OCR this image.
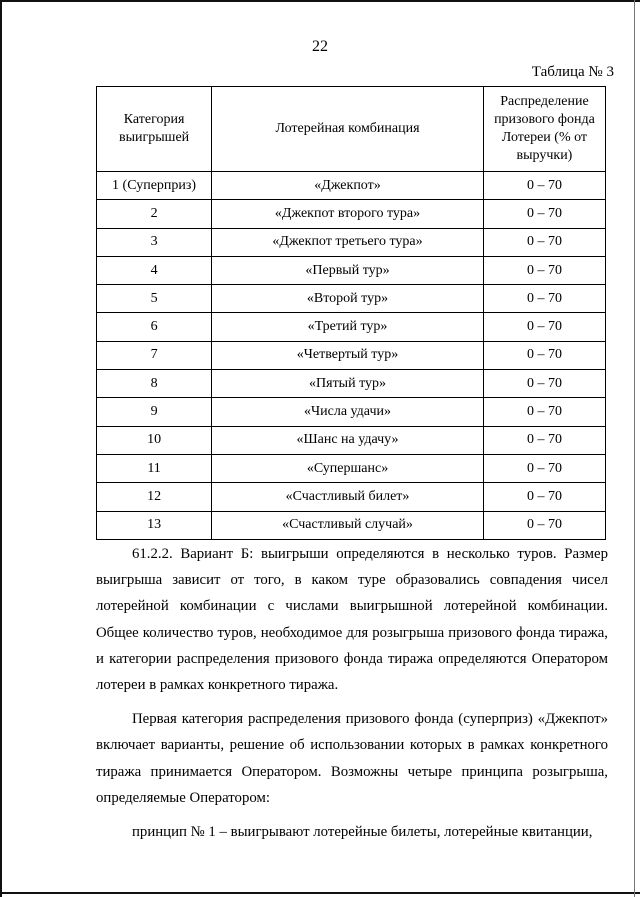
22
Таблица № 3
Категория выигрышей	Лотерейная комбинация	Распределение призового фонда Лотереи (% от выручки)
1 (Суперприз)	«Джекпот»	0 – 70
2	«Джекпот второго тура»	0 – 70
3	«Джекпот третьего тура»	0 – 70
4	«Первый тур»	0 – 70
5	«Второй тур»	0 – 70
6	«Третий тур»	0 – 70
7	«Четвертый тур»	0 – 70
8	«Пятый тур»	0 – 70
9	«Числа удачи»	0 – 70
10	«Шанс на удачу»	0 – 70
11	«Супершанс»	0 – 70
12	«Счастливый билет»	0 – 70
13	«Счастливый случай»	0 – 70

61.2.2. Вариант Б: выигрыши определяются в несколько туров. Размер выигрыша зависит от того, в каком туре образовались совпадения чисел лотерейной комбинации с числами выигрышной лотерейной комбинации. Общее количество туров, необходимое для розыгрыша призового фонда тиража, и категории распределения призового фонда тиража определяются Оператором лотереи в рамках конкретного тиража.

Первая категория распределения призового фонда (суперприз) «Джекпот» включает варианты, решение об использовании которых в рамках конкретного тиража принимается Оператором. Возможны четыре принципа розыгрыша, определяемые Оператором:

принцип № 1 – выигрывают лотерейные билеты, лотерейные квитанции,
